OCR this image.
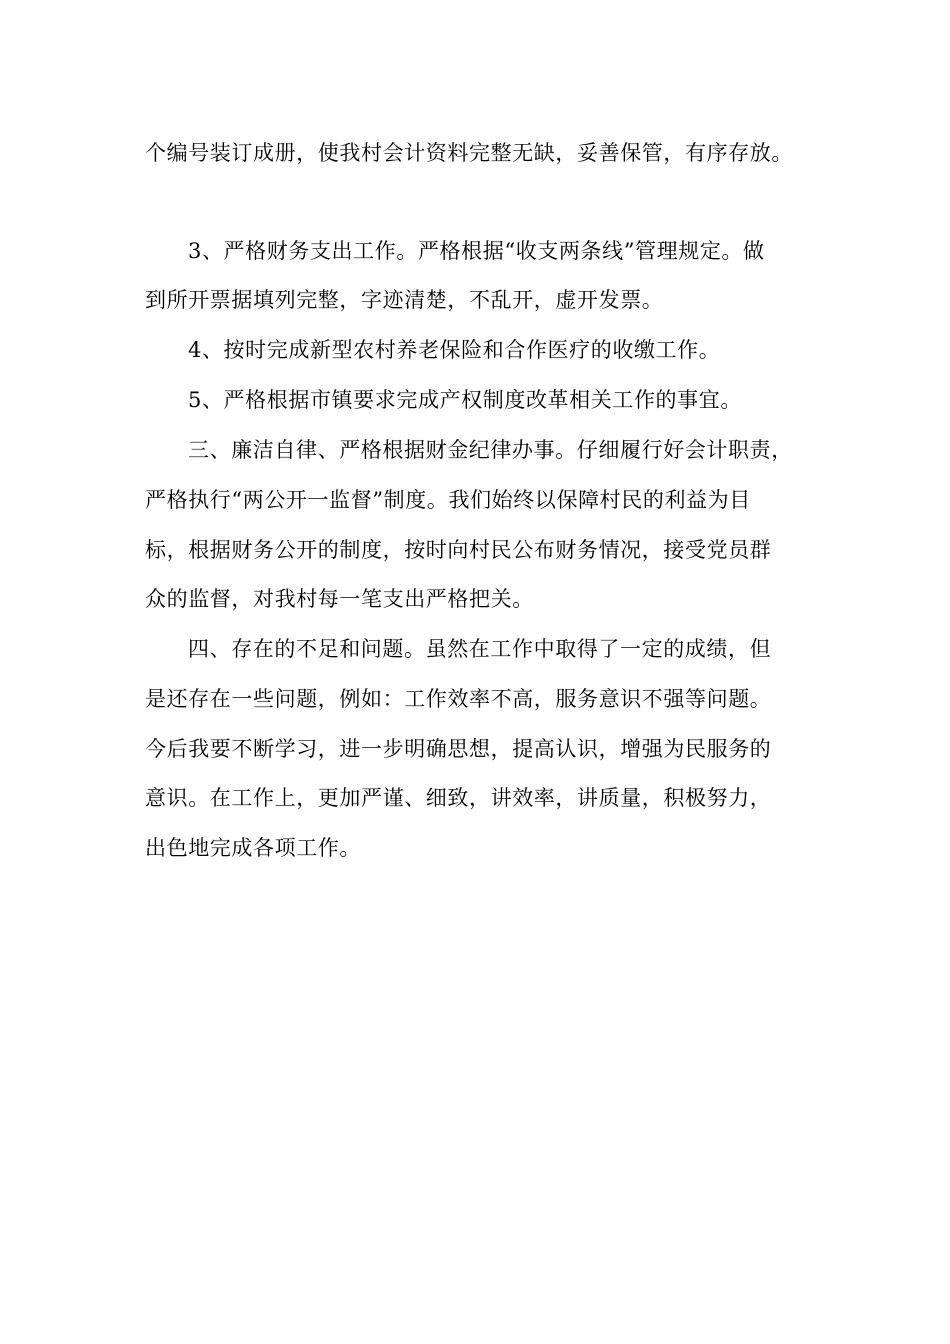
个编号装订成册，使我村会计资料完整无缺，妥善保管，有序存放。
3、严格财务支出工作。严格根据“收支两条线”管理规定。做
到所开票据填列完整，字迹清楚，不乱开，虚开发票。
4、按时完成新型农村养老保险和合作医疗的收缴工作。
5、严格根据市镇要求完成产权制度改革相关工作的事宜。
三、廉洁自律、严格根据财金纪律办事。仔细履行好会计职责，
严格执行“两公开一监督”制度。我们始终以保障村民的利益为目
标，根据财务公开的制度，按时向村民公布财务情况，接受党员群
众的监督，对我村每一笔支出严格把关。
四、存在的不足和问题。虽然在工作中取得了一定的成绩，但
是还存在一些问题，例如：工作效率不高，服务意识不强等问题。
今后我要不断学习，进一步明确思想，提高认识，增强为民服务的
意识。在工作上，更加严谨、细致，讲效率，讲质量，积极努力，
出色地完成各项工作。
